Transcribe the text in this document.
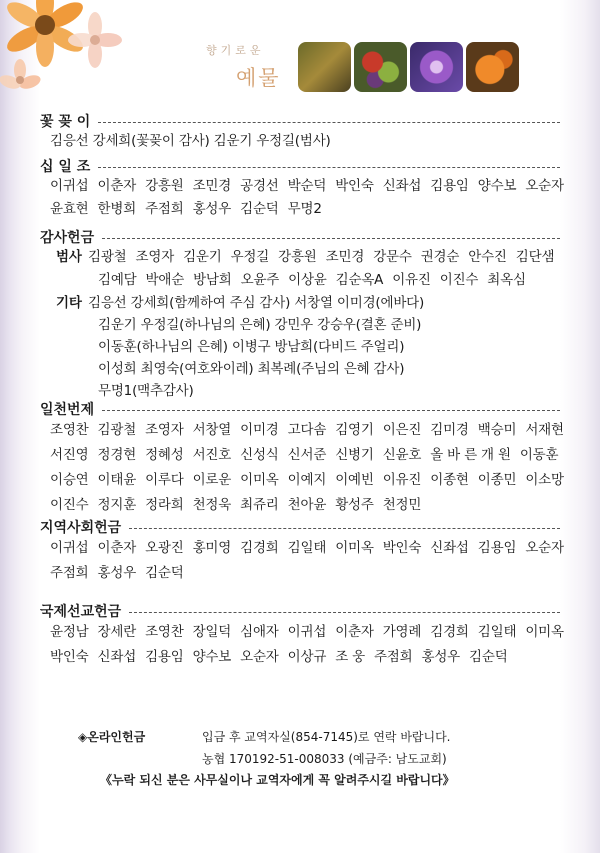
향기로운
예물
꽃 꽂 이
김응선 강세희(꽃꽂이 감사) 김운기 우정길(범사)
십 일 조
이귀섭 이춘자 강흥원 조민경 공경선 박순덕 박인숙 신좌섭 김용임 양수보 오순자
윤효현 한병희 주점희 홍성우 김순덕 무명2
감사헌금
범사 김광철 조영자 김운기 우정길 강흥원 조민경 강문수 권경순 안수진 김단샘
김예담 박애순 방남희 오윤주 이상윤 김순옥A 이유진 이진수 최옥심
기타 김응선 강세희(함께하여 주심 감사) 서창열 이미경(에바다)
김운기 우정길(하나님의 은혜) 강민우 강승우(결혼 준비)
이동훈(하나님의 은혜) 이병구 방남희(다비드 주얼리)
이성희 최영숙(여호와이레) 최복례(주님의 은혜 감사)
무명1(맥추감사)
일천번제
조영찬 김광철 조영자 서창열 이미경 고다솜 김영기 이은진 김미경 백승미 서재현
서진영 정경현 정혜성 서진호 신성식 신서준 신병기 신윤호 올 바 른 개 원 이동훈
이승연 이태윤 이루다 이로운 이미옥 이예지 이예빈 이유진 이종현 이종민 이소망
이진수 정지훈 정라희 천정욱 최쥬리 천아윤 황성주 천정민
지역사회헌금
이귀섭 이춘자 오광진 홍미영 김경희 김일태 이미옥 박인숙 신좌섭 김용임 오순자
주점희 홍성우 김순덕
국제선교헌금
윤정남 장세란 조영찬 장일덕 심애자 이귀섭 이춘자 가영례 김경희 김일태 이미옥
박인숙 신좌섭 김용임 양수보 오순자 이상규 조 웅 주점희 홍성우 김순덕
◈온라인헌금	입금 후 교역자실(854-7145)로 연락 바랍니다.
농협 170192-51-008033 (예금주: 남도교회)
《누락 되신 분은 사무실이나 교역자에게 꼭 알려주시길 바랍니다》
